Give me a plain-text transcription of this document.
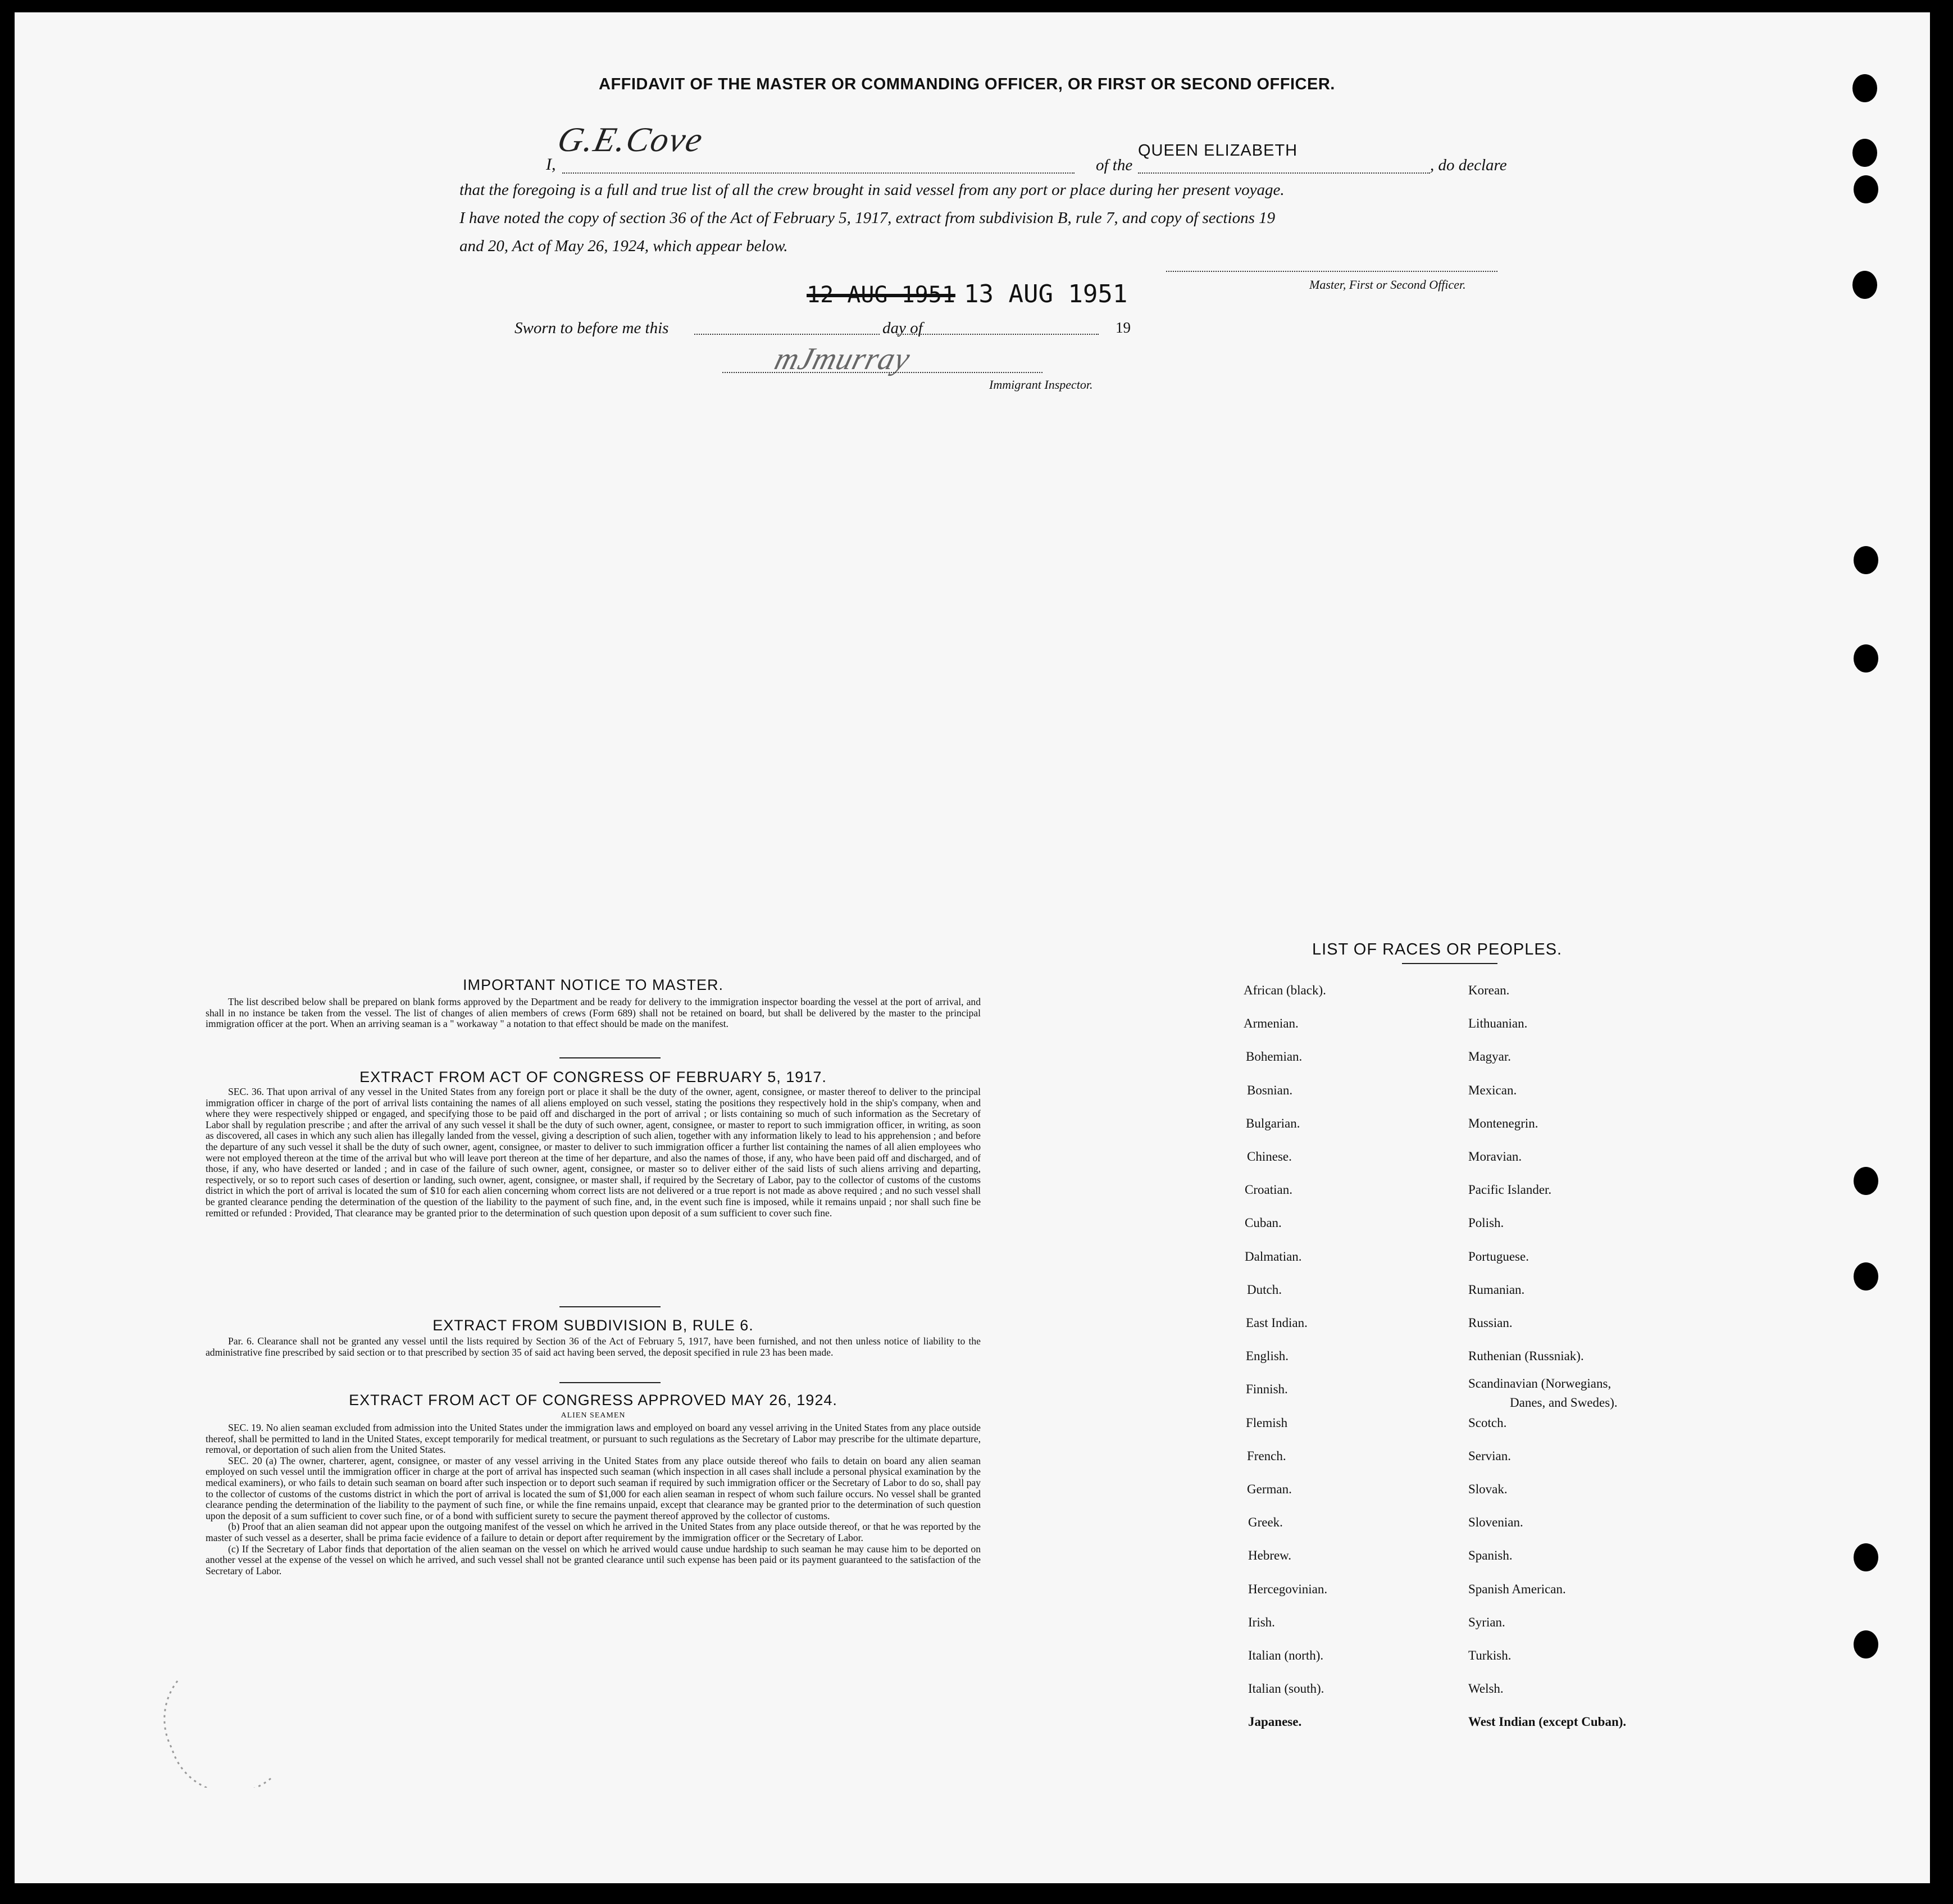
AFFIDAVIT OF THE MASTER OR COMMANDING OFFICER, OR FIRST OR SECOND OFFICER.
I,
G.E.Cove
of the
QUEEN ELIZABETH
, do declare
that the foregoing is a full and true list of all the crew brought in said vessel from any port or place during her present voyage.
I have noted the copy of section 36 of the Act of February 5, 1917, extract from subdivision B, rule 7, and copy of sections 19
and 20, Act of May 26, 1924, which appear below.
Master, First or Second Officer.
12 AUG 1951 13 AUG 1951
Sworn to before me this	day of	19
mJmurray
Immigrant Inspector.
IMPORTANT NOTICE TO MASTER.

The list described below shall be prepared on blank forms approved by the Department and be ready for delivery to the immigration inspector boarding the vessel at the port of arrival, and shall in no instance be taken from the vessel. The list of changes of alien members of crews (Form 689) shall not be retained on board, but shall be delivered by the master to the principal immigration officer at the port. When an arriving seaman is a " workaway " a notation to that effect should be made on the manifest.

EXTRACT FROM ACT OF CONGRESS OF FEBRUARY 5, 1917.

SEC. 36. That upon arrival of any vessel in the United States from any foreign port or place it shall be the duty of the owner, agent, consignee, or master thereof to deliver to the principal immigration officer in charge of the port of arrival lists containing the names of all aliens employed on such vessel, stating the positions they respectively hold in the ship's company, when and where they were respectively shipped or engaged, and specifying those to be paid off and discharged in the port of arrival ; or lists containing so much of such information as the Secretary of Labor shall by regulation prescribe ; and after the arrival of any such vessel it shall be the duty of such owner, agent, consignee, or master to report to such immigration officer, in writing, as soon as discovered, all cases in which any such alien has illegally landed from the vessel, giving a description of such alien, together with any information likely to lead to his apprehension ; and before the departure of any such vessel it shall be the duty of such owner, agent, consignee, or master to deliver to such immigration officer a further list containing the names of all alien employees who were not employed thereon at the time of the arrival but who will leave port thereon at the time of her departure, and also the names of those, if any, who have been paid off and discharged, and of those, if any, who have deserted or landed ; and in case of the failure of such owner, agent, consignee, or master so to deliver either of the said lists of such aliens arriving and departing, respectively, or so to report such cases of desertion or landing, such owner, agent, consignee, or master shall, if required by the Secretary of Labor, pay to the collector of customs of the customs district in which the port of arrival is located the sum of $10 for each alien concerning whom correct lists are not delivered or a true report is not made as above required ; and no such vessel shall be granted clearance pending the determination of the question of the liability to the payment of such fine, and, in the event such fine is imposed, while it remains unpaid ; nor shall such fine be remitted or refunded : Provided, That clearance may be granted prior to the determination of such question upon deposit of a sum sufficient to cover such fine.

EXTRACT FROM SUBDIVISION B, RULE 6.

Par. 6. Clearance shall not be granted any vessel until the lists required by Section 36 of the Act of February 5, 1917, have been furnished, and not then unless notice of liability to the administrative fine prescribed by said section or to that prescribed by section 35 of said act having been served, the deposit specified in rule 23 has been made.

EXTRACT FROM ACT OF CONGRESS APPROVED MAY 26, 1924.
ALIEN SEAMEN

SEC. 19. No alien seaman excluded from admission into the United States under the immigration laws and employed on board any vessel arriving in the United States from any place outside thereof, shall be permitted to land in the United States, except temporarily for medical treatment, or pursuant to such regulations as the Secretary of Labor may prescribe for the ultimate departure, removal, or deportation of such alien from the United States.

SEC. 20 (a) The owner, charterer, agent, consignee, or master of any vessel arriving in the United States from any place outside thereof who fails to detain on board any alien seaman employed on such vessel until the immigration officer in charge at the port of arrival has inspected such seaman (which inspection in all cases shall include a personal physical examination by the medical examiners), or who fails to detain such seaman on board after such inspection or to deport such seaman if required by such immigration officer or the Secretary of Labor to do so, shall pay to the collector of customs of the customs district in which the port of arrival is located the sum of $1,000 for each alien seaman in respect of whom such failure occurs. No vessel shall be granted clearance pending the determination of the liability to the payment of such fine, or while the fine remains unpaid, except that clearance may be granted prior to the determination of such question upon the deposit of a sum sufficient to cover such fine, or of a bond with sufficient surety to secure the payment thereof approved by the collector of customs.

(b) Proof that an alien seaman did not appear upon the outgoing manifest of the vessel on which he arrived in the United States from any place outside thereof, or that he was reported by the master of such vessel as a deserter, shall be prima facie evidence of a failure to detain or deport after requirement by the immigration officer or the Secretary of Labor.

(c) If the Secretary of Labor finds that deportation of the alien seaman on the vessel on which he arrived would cause undue hardship to such seaman he may cause him to be deported on another vessel at the expense of the vessel on which he arrived, and such vessel shall not be granted clearance until such expense has been paid or its payment guaranteed to the satisfaction of the Secretary of Labor.

LIST OF RACES OR PEOPLES.
African (black).
Armenian.
Bohemian.
Bosnian.
Bulgarian.
Chinese.
Croatian.
Cuban.
Dalmatian.
Dutch.
East Indian.
English.
Finnish.
Flemish
French.
German.
Greek.
Hebrew.
Hercegovinian.
Irish.
Italian (north).
Italian (south).
Japanese.
Korean.
Lithuanian.
Magyar.
Mexican.
Montenegrin.
Moravian.
Pacific Islander.
Polish.
Portuguese.
Rumanian.
Russian.
Ruthenian (Russniak).
Scandinavian (Norwegians,
Scotch.
Servian.
Slovak.
Slovenian.
Spanish.
Spanish American.
Syrian.
Turkish.
Welsh.
West Indian (except Cuban).
Danes, and Swedes).
